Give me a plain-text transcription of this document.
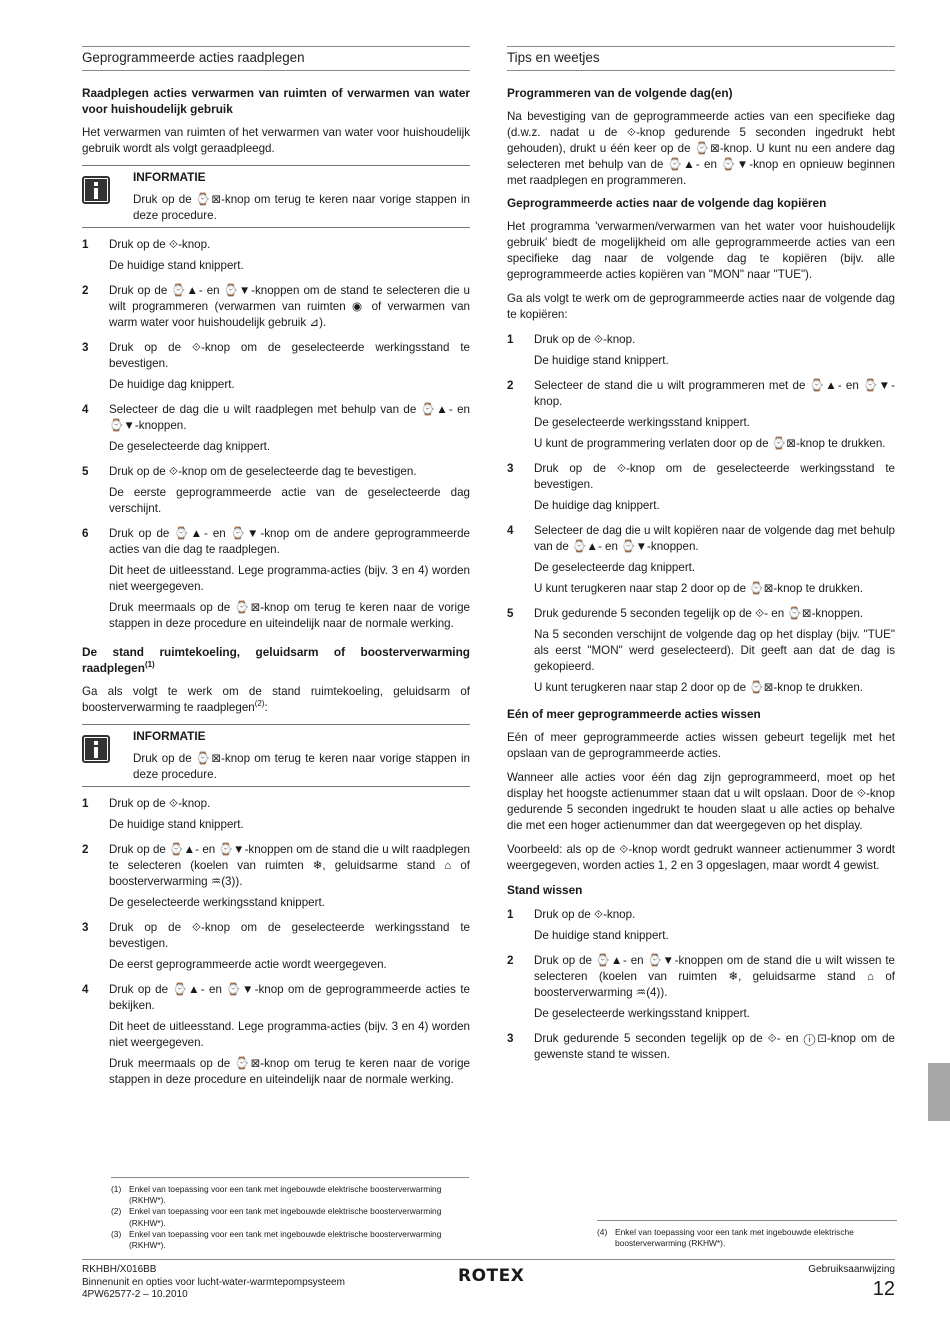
Geprogrammeerde acties raadplegen
Raadplegen acties verwarmen van ruimten of verwarmen van water voor huishoudelijk gebruik

Het verwarmen van ruimten of het verwarmen van water voor huishoudelijk gebruik wordt als volgt geraadpleegd.

INFORMATIE

Druk op de ⌚⊠-knop om terug te keren naar vorige stappen in deze procedure.

1	Druk op de ⟐-knop.

De huidige stand knippert.

2	Druk op de ⌚▲- en ⌚▼-knoppen om de stand te selecteren die u wilt programmeren (verwarmen van ruimten ◉ of verwarmen van warm water voor huishoudelijk gebruik ⊿).

3	Druk op de ⟐-knop om de geselecteerde werkingsstand te bevestigen.

De huidige dag knippert.

4	Selecteer de dag die u wilt raadplegen met behulp van de ⌚▲- en ⌚▼-knoppen.

De geselecteerde dag knippert.

5	Druk op de ⟐-knop om de geselecteerde dag te bevestigen.

De eerste geprogrammeerde actie van de geselecteerde dag verschijnt.

6	Druk op de ⌚▲- en ⌚▼-knop om de andere geprogrammeerde acties van die dag te raadplegen.

Dit heet de uitleesstand. Lege programma-acties (bijv. 3 en 4) worden niet weergegeven.

Druk meermaals op de ⌚⊠-knop om terug te keren naar de vorige stappen in deze procedure en uiteindelijk naar de normale werking.

De stand ruimtekoeling, geluidsarm of boosterverwarming raadplegen$^{(1)}$

Ga als volgt te werk om de stand ruimtekoeling, geluidsarm of boosterverwarming te raadplegen$^{(2)}$:

INFORMATIE

Druk op de ⌚⊠-knop om terug te keren naar vorige stappen in deze procedure.

1	Druk op de ⟐-knop.

De huidige stand knippert.

2	Druk op de ⌚▲- en ⌚▼-knoppen om de stand die u wilt raadplegen te selecteren (koelen van ruimten ❄, geluidsarme stand ⌂ of boosterverwarming ♒(3)).

De geselecteerde werkingsstand knippert.

3	Druk op de ⟐-knop om de geselecteerde werkingsstand te bevestigen.

De eerst geprogrammeerde actie wordt weergegeven.

4	Druk op de ⌚▲- en ⌚▼-knop om de geprogrammeerde acties te bekijken.

Dit heet de uitleesstand. Lege programma-acties (bijv. 3 en 4) worden niet weergegeven.

Druk meermaals op de ⌚⊠-knop om terug te keren naar de vorige stappen in deze procedure en uiteindelijk naar de normale werking.

Tips en weetjes
Programmeren van de volgende dag(en)

Na bevestiging van de geprogrammeerde acties van een specifieke dag (d.w.z. nadat u de ⟐-knop gedurende 5 seconden ingedrukt hebt gehouden), drukt u één keer op de ⌚⊠-knop. U kunt nu een andere dag selecteren met behulp van de ⌚▲- en ⌚▼-knop en opnieuw beginnen met raadplegen en programmeren.

Geprogrammeerde acties naar de volgende dag kopiëren

Het programma 'verwarmen/verwarmen van het water voor huishoudelijk gebruik' biedt de mogelijkheid om alle geprogrammeerde acties van een specifieke dag naar de volgende dag te kopiëren (bijv. alle geprogrammeerde acties kopiëren van "MON" naar "TUE").

Ga als volgt te werk om de geprogrammeerde acties naar de volgende dag te kopiëren:

1	Druk op de ⟐-knop.

De huidige stand knippert.

2	Selecteer de stand die u wilt programmeren met de ⌚▲- en ⌚▼-knop.

De geselecteerde werkingsstand knippert.

U kunt de programmering verlaten door op de ⌚⊠-knop te drukken.

3	Druk op de ⟐-knop om de geselecteerde werkingsstand te bevestigen.

De huidige dag knippert.

4	Selecteer de dag die u wilt kopiëren naar de volgende dag met behulp van de ⌚▲- en ⌚▼-knoppen.

De geselecteerde dag knippert.

U kunt terugkeren naar stap 2 door op de ⌚⊠-knop te drukken.

5	Druk gedurende 5 seconden tegelijk op de ⟐- en ⌚⊠-knoppen.

Na 5 seconden verschijnt de volgende dag op het display (bijv. "TUE" als eerst "MON" werd geselecteerd). Dit geeft aan dat de dag is gekopieerd.

U kunt terugkeren naar stap 2 door op de ⌚⊠-knop te drukken.

Eén of meer geprogrammeerde acties wissen

Eén of meer geprogrammeerde acties wissen gebeurt tegelijk met het opslaan van de geprogrammeerde acties.

Wanneer alle acties voor één dag zijn geprogrammeerd, moet op het display het hoogste actienummer staan dat u wilt opslaan. Door de ⟐-knop gedurende 5 seconden ingedrukt te houden slaat u alle acties op behalve die met een hoger actienummer dan dat weergegeven op het display.

Voorbeeld: als op de ⟐-knop wordt gedrukt wanneer actienummer 3 wordt weergegeven, worden acties 1, 2 en 3 opgeslagen, maar wordt 4 gewist.

Stand wissen
1	Druk op de ⟐-knop.

De huidige stand knippert.

2	Druk op de ⌚▲- en ⌚▼-knoppen om de stand die u wilt wissen te selecteren (koelen van ruimten ❄, geluidsarme stand ⌂ of boosterverwarming ♒(4)).

De geselecteerde werkingsstand knippert.

3	Druk gedurende 5 seconden tegelijk op de ⟐- en ⓘ⊡-knop om de gewenste stand te wissen.

(1) Enkel van toepassing voor een tank met ingebouwde elektrische boosterverwarming (RKHW*).
(2) Enkel van toepassing voor een tank met ingebouwde elektrische boosterverwarming (RKHW*).
(3) Enkel van toepassing voor een tank met ingebouwde elektrische boosterverwarming (RKHW*).
(4) Enkel van toepassing voor een tank met ingebouwde elektrische boosterverwarming (RKHW*).
RKHBH/X016BB
Binnenunit en opties voor lucht-water-warmtepompsysteem
4PW62577-2 – 10.2010
ROTEX	Gebruiksaanwijzing
12
